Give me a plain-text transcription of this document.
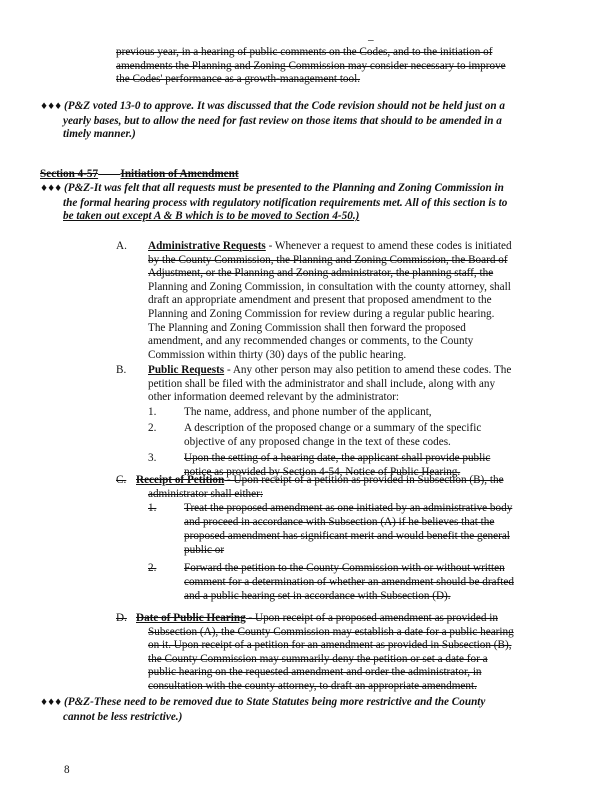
–
previous year, in a hearing of public comments on the Codes, and to the initiation of
amendments the Planning and Zoning Commission may consider necessary to improve
the Codes' performance as a growth-management tool.
♦♦♦ (P&Z voted 13-0 to approve. It was discussed that the Code revision should not be held just on a
yearly bases, but to allow the need for fast review on those items that should to be amended in a
timely manner.)
Section 4-57 Initiation of Amendment
♦♦♦ (P&Z-It was felt that all requests must be presented to the Planning and Zoning Commission in
the formal hearing process with regulatory notification requirements met. All of this section is to
be taken out except A & B which is to be moved to Section 4-50.)
A. Administrative Requests - Whenever a request to amend these codes is initiated
by the County Commission, the Planning and Zoning Commission, the Board of
Adjustment, or the Planning and Zoning administrator, the planning staff, the
Planning and Zoning Commission, in consultation with the county attorney, shall
draft an appropriate amendment and present that proposed amendment to the
Planning and Zoning Commission for review during a regular public hearing.
The Planning and Zoning Commission shall then forward the proposed
amendment, and any recommended changes or comments, to the County
Commission within thirty (30) days of the public hearing.
B. Public Requests - Any other person may also petition to amend these codes. The
petition shall be filed with the administrator and shall include, along with any
other information deemed relevant by the administrator:
1. The name, address, and phone number of the applicant,
2. A description of the proposed change or a summary of the specific
objective of any proposed change in the text of these codes.
3. Upon the setting of a hearing date, the applicant shall provide public
notice as provided by Section 4-54, Notice of Public Hearing.
C. Receipt of Petition - Upon receipt of a petition as provided in Subsection (B), the
administrator shall either:
1. Treat the proposed amendment as one initiated by an administrative body
and proceed in accordance with Subsection (A) if he believes that the
proposed amendment has significant merit and would benefit the general
public or
2. Forward the petition to the County Commission with or without written
comment for a determination of whether an amendment should be drafted
and a public hearing set in accordance with Subsection (D).
D. Date of Public Hearing - Upon receipt of a proposed amendment as provided in
Subsection (A), the County Commission may establish a date for a public hearing
on it. Upon receipt of a petition for an amendment as provided in Subsection (B),
the County Commission may summarily deny the petition or set a date for a
public hearing on the requested amendment and order the administrator, in
consultation with the county attorney, to draft an appropriate amendment.
♦♦♦ (P&Z-These need to be removed due to State Statutes being more restrictive and the County
cannot be less restrictive.)
8
